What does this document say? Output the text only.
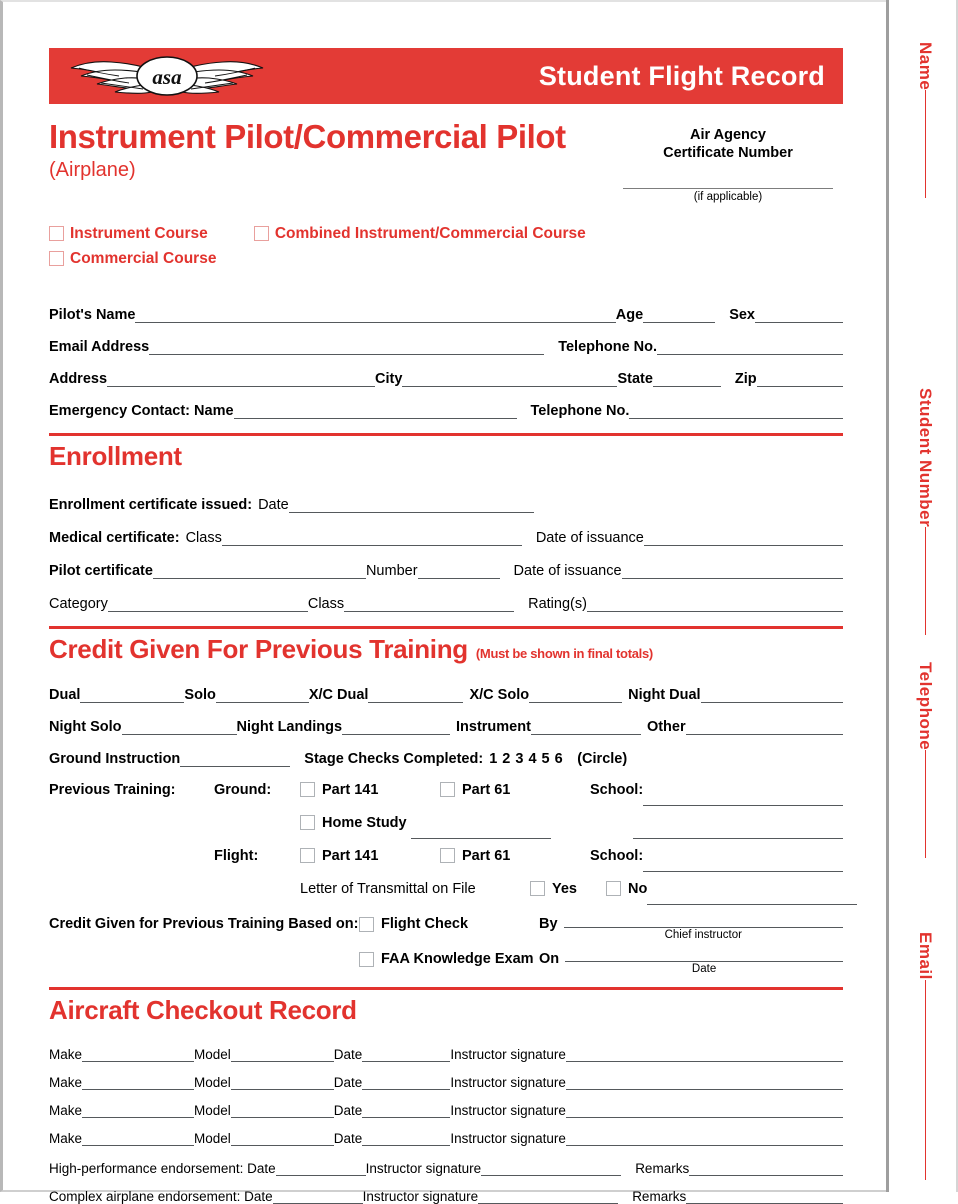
asa	Student Flight Record
Instrument Pilot/Commercial Pilot
(Airplane)
Air Agency
Certificate Number
(if applicable)
Instrument Course	Combined Instrument/Commercial Course
Commercial Course
Pilot's Name	Age	Sex
Email Address	Telephone No.
Address	City	State	Zip
Emergency Contact: Name	Telephone No.
Enrollment
Enrollment certificate issued: Date
Medical certificate: Class	Date of issuance
Pilot certificate	Number	Date of issuance
Category	Class	Rating(s)
Credit Given For Previous Training (Must be shown in final totals)
Dual	Solo	X/C Dual	X/C Solo	Night Dual
Night Solo	Night Landings	Instrument	Other
Ground Instruction	Stage Checks Completed: 1 2 3 4 5 6 (Circle)
Previous Training:	Ground:	Part 141	Part 61	School:
Home Study
Flight:	Part 141	Part 61	School:
Letter of Transmittal on File	Yes	No
Credit Given for Previous Training Based on: Flight Check	By
Chief instructor
FAA Knowledge Exam On
Date
Aircraft Checkout Record
Make	Model	Date	Instructor signature
Make	Model	Date	Instructor signature
Make	Model	Date	Instructor signature
Make	Model	Date	Instructor signature
High-performance endorsement: Date	Instructor signature	Remarks
Complex airplane endorsement: Date	Instructor signature	Remarks
Name
Student Number
Telephone
Email
